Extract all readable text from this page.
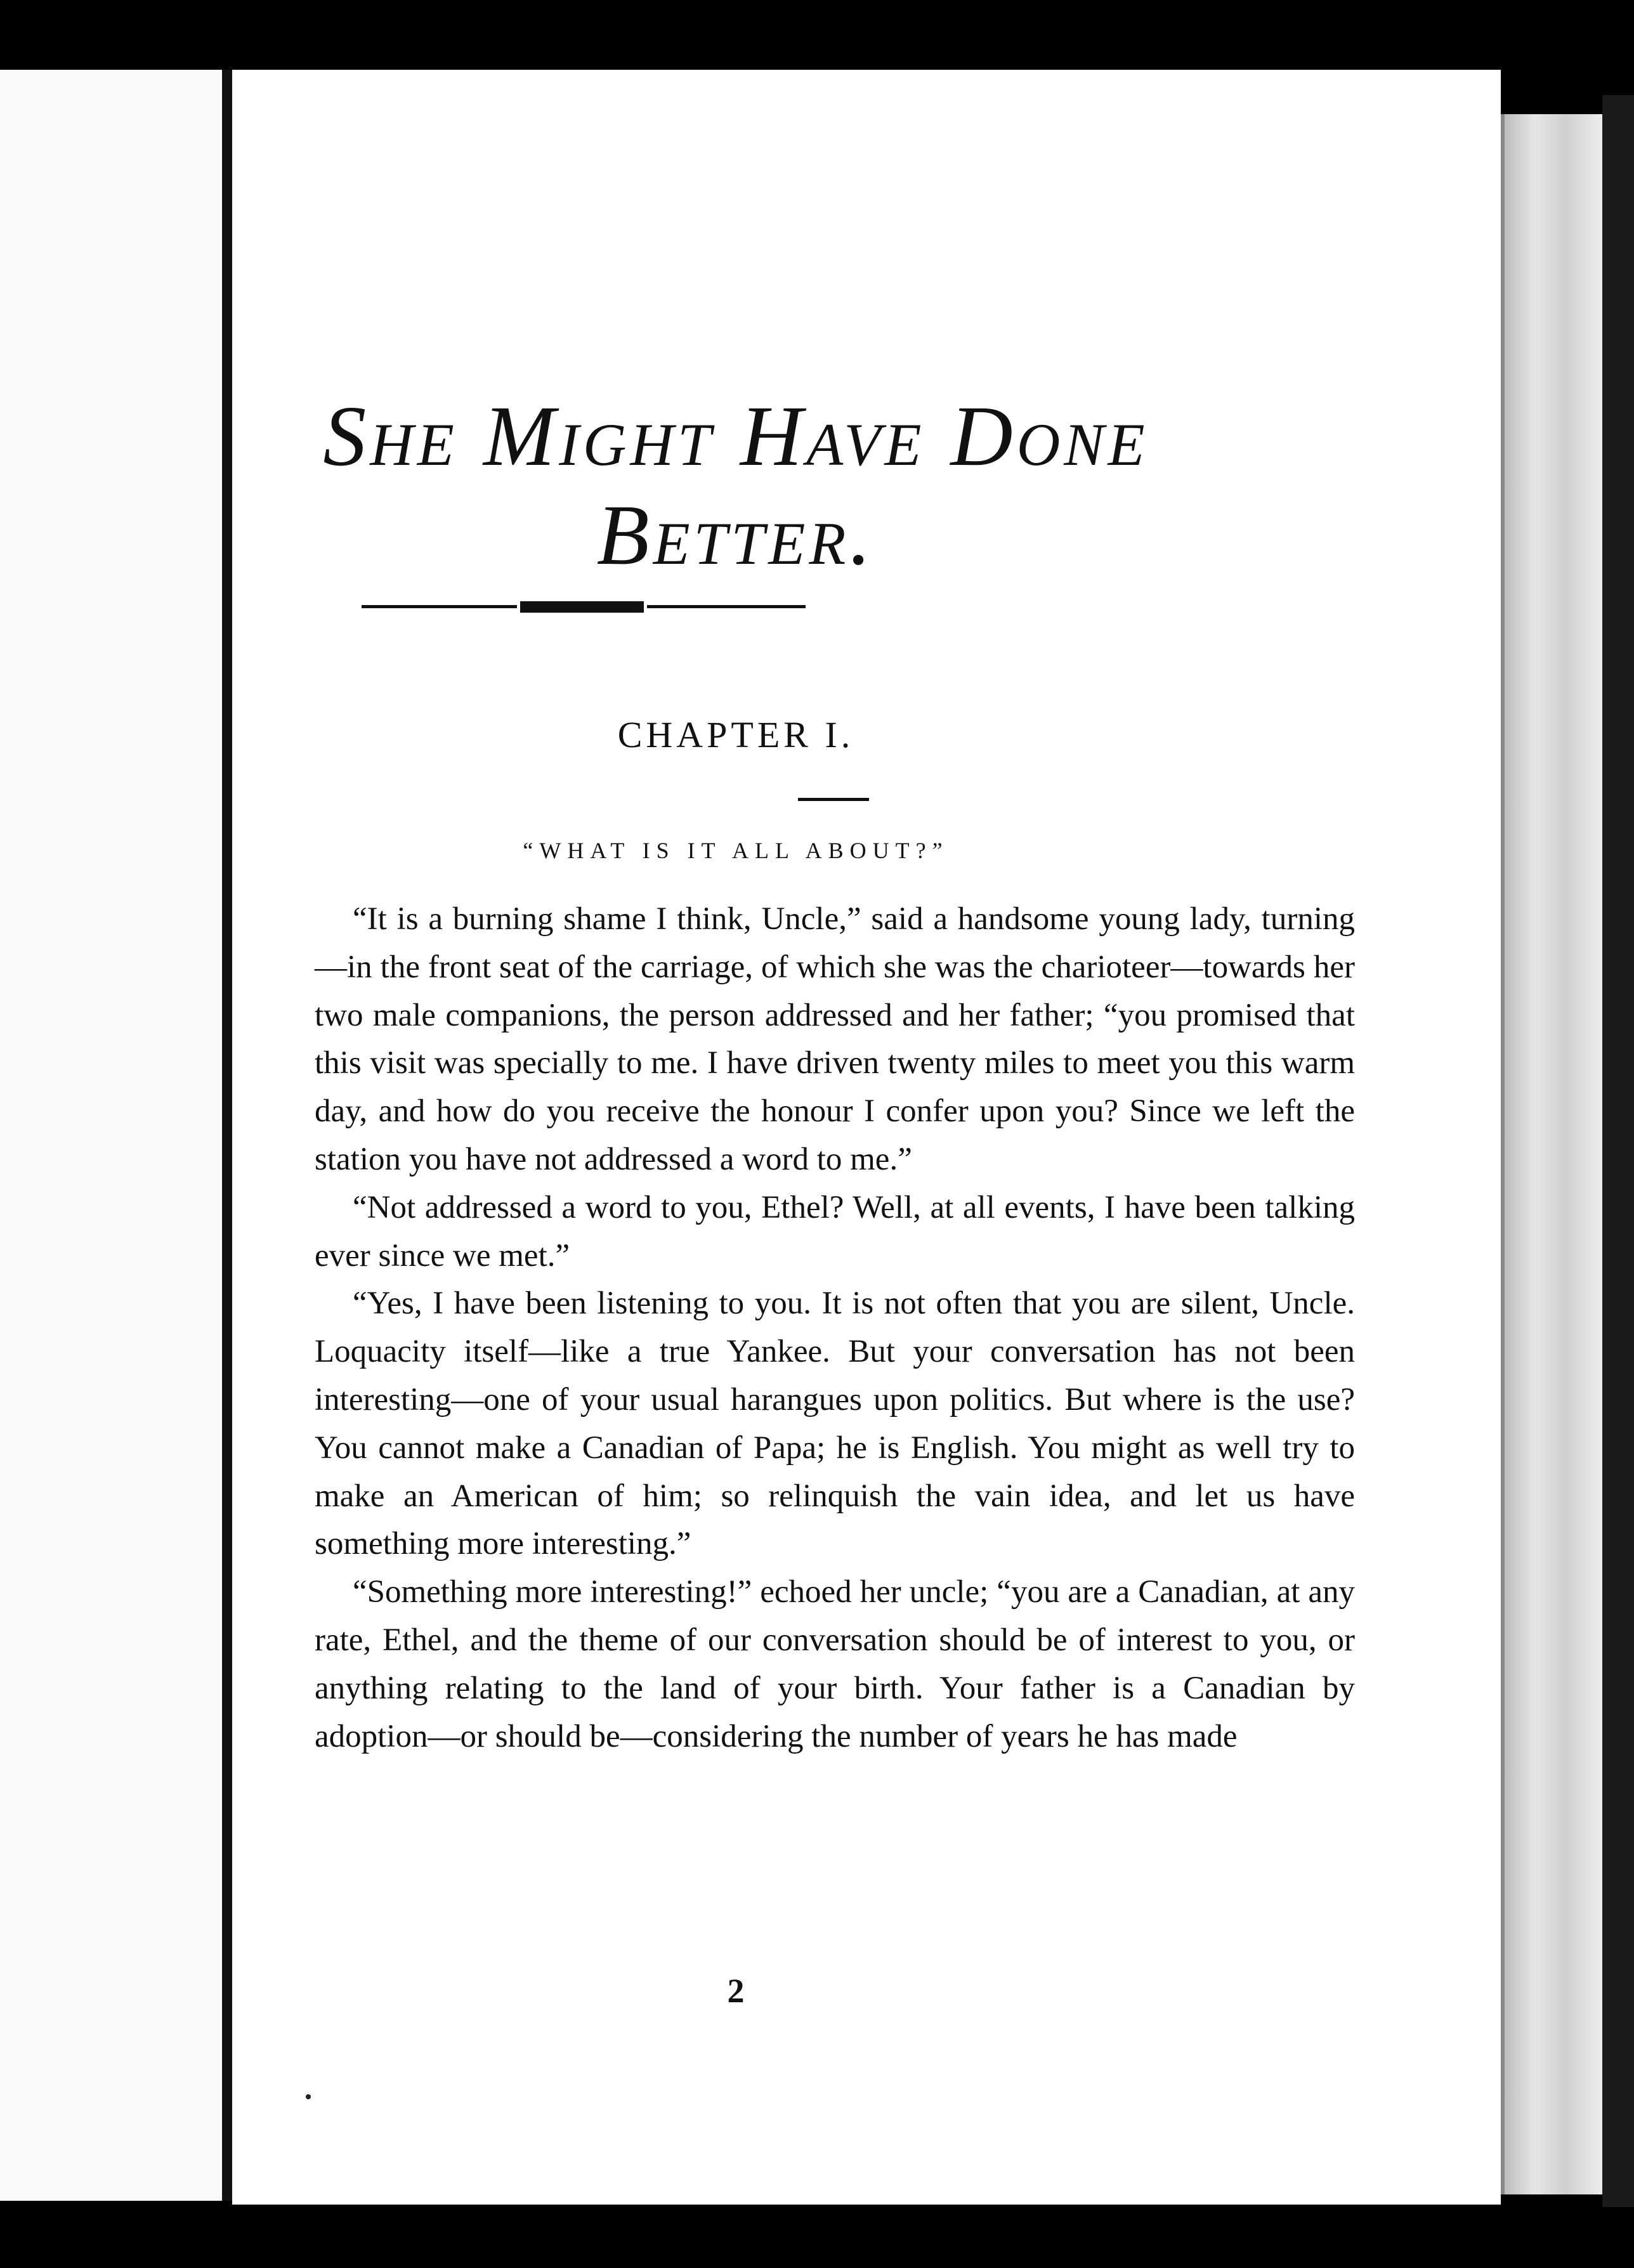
She Might Have Done Better.
CHAPTER I.
“WHAT IS IT ALL ABOUT?”

“It is a burning shame I think, Uncle,” said a handsome young lady, turning—in the front seat of the carriage, of which she was the charioteer—towards her two male companions, the person addressed and her father; “you promised that this visit was specially to me. I have driven twenty miles to meet you this warm day, and how do you receive the honour I confer upon you? Since we left the station you have not addressed a word to me.”

“Not addressed a word to you, Ethel? Well, at all events, I have been talking ever since we met.”

“Yes, I have been listening to you. It is not often that you are silent, Uncle. Loquacity itself—like a true Yankee. But your conversation has not been interesting—one of your usual harangues upon politics. But where is the use? You cannot make a Canadian of Papa; he is English. You might as well try to make an American of him; so relinquish the vain idea, and let us have something more interesting.”

“Something more interesting!” echoed her uncle; “you are a Canadian, at any rate, Ethel, and the theme of our conversation should be of interest to you, or anything relating to the land of your birth. Your father is a Canadian by adoption—or should be—considering the number of years he has made

2
